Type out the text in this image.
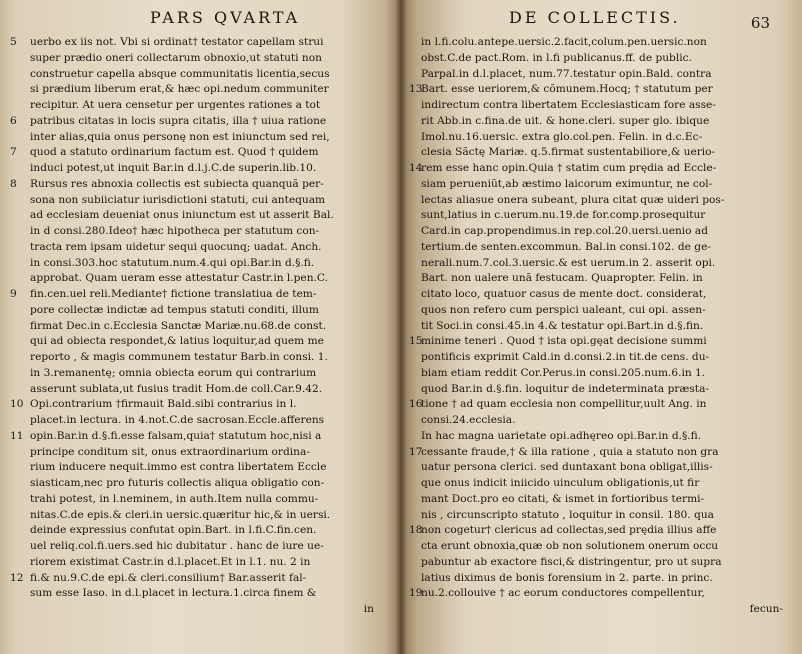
PARS QVARTA
5 uerbo ex iis not. Vbi si ordinat† testator capellam strui
super prædio oneri collectarum obnoxio,ut statuti non
construetur capella absque communitatis licentia,secus
si prædium liberum erat,& hæc opi.nedum communiter
recipitur. At uera censetur per urgentes rationes a tot
6 patribus citatas in locis supra citatis, illa † uiua ratione
inter alias,quia onus personę non est iniunctum sed rei,
7 quod a statuto ordinarium factum est. Quod † quidem
induci potest,ut inquit Bar.in d.l.j.C.de superin.lib.10.
8 Rursus res abnoxia collectis est subiecta quanquã per-
sona non subiiciatur iurisdictioni statuti, cui antequam
ad ecclesiam deueniat onus iniunctum est ut asserit Bal.
in d consi.280.Ideo† hæc hipotheca per statutum con-
tracta rem ipsam uidetur sequi quocunq; uadat. Anch.
in consi.303.hoc statutum.num.4.qui opi.Bar.in d.§.fi.
approbat. Quam ueram esse attestatur Castr.in l.pen.C.
9 fin.cen.uel reli.Mediante† fictione translatiua de tem-
pore collectæ indictæ ad tempus statuti conditi, illum
firmat Dec.in c.Ecclesia Sanctæ Mariæ.nu.68.de const.
qui ad obiecta respondet,& latius loquitur,ad quem me
reporto , & magis communem testatur Barb.in consi. 1.
in 3.remanentę; omnia obiecta eorum qui contrarium
asserunt sublata,ut fusius tradit Hom.de coll.Car.9.42.
10 Opi.contrarium †firmauit Bald.sibi contrarius in l.
placet.in lectura. in 4.not.C.de sacrosan.Eccle.afferens
11 opin.Bar.in d.§.fi.esse falsam,quia† statutum hoc,nisi a
principe conditum sit, onus extraordinarium ordina-
rium inducere nequit.immo est contra libertatem Eccle
siasticam,nec pro futuris collectis aliqua obligatio con-
trahi potest, in l.neminem, in auth.Item nulla commu-
nitas.C.de epis.& cleri.in uersic.quæritur hic,& in uersi.
deinde expressius confutat opin.Bart. in l.fi.C.fin.cen.
uel reliq.col.fi.uers.sed hic dubitatur . hanc de iure ue-
riorem existimat Castr.in d.l.placet.Et in l.1. nu. 2 in
12 fi.& nu.9.C.de epi.& cleri.consilium† Bar.asserit fal-
sum esse Iaso. in d.l.placet in lectura.1.circa finem &
in
DE COLLECTIS.	63
in l.fi.colu.antepe.uersic.2.facit,colum.pen.uersic.non
obst.C.de pact.Rom. in l.fi publicanus.ff. de public.
Parpal.in d.l.placet, num.77.testatur opin.Bald. contra
13
Bart. esse ueriorem,& cõmunem.Hocq; † statutum per
indirectum contra libertatem Ecclesiasticam fore asse-
rit Abb.in c.fina.de uit. & hone.cleri. super glo. ibique
Imol.nu.16.uersic. extra glo.col.pen. Felin. in d.c.Ec-
clesia Sãctę Mariæ. q.5.firmat sustentabiliore,& uerio-
14
rem esse hanc opin.Quia † statim cum prędia ad Eccle-
siam perueniũt,ab æstimo laicorum eximuntur, ne col-
lectas aliasue onera subeant, plura citat quæ uideri pos-
sunt,latius in c.uerum.nu.19.de for.comp.prosequitur
Card.in cap.propendimus.in rep.col.20.uersi.uenio ad
tertium.de senten.excommun. Bal.in consi.102. de ge-
nerali.num.7.col.3.uersic.& est uerum.in 2. asserit opi.
Bart. non ualere unã festucam. Quapropter. Felin. in
citato loco, quatuor casus de mente doct. considerat,
quos non refero cum perspici ualeant, cui opi. assen-
tit Soci.in consi.45.in 4.& testatur opi.Bart.in d.§.fin.
15
minime teneri . Quod † ista opi.gęat decisione summi
pontificis exprimit Cald.in d.consi.2.in tit.de cens. du-
biam etiam reddit Cor.Perus.in consi.205.num.6.in 1.
quod Bar.in d.§.fin. loquitur de indeterminata præsta-
16
tione † ad quam ecclesia non compellitur,uult Ang. in
consi.24.ecclesia.
In hac magna uarietate opi.adhęreo opi.Bar.in d.§.fi.
17
cessante fraude,† & illa ratione , quia a statuto non gra
uatur persona clerici. sed duntaxant bona obligat,illis-
que onus indicit iniicido uinculum obligationis,ut fir
mant Doct.pro eo citati, & ismet in fortioribus termi-
nis , circunscripto statuto , loquitur in consil. 180. qua
18
non cogetur† clericus ad collectas,sed prędia illius affe
cta erunt obnoxia,quæ ob non solutionem onerum occu
pabuntur ab exactore fisci,& distringentur, pro ut supra
latius diximus de bonis forensium in 2. parte. in princ.
19
nu.2.collouive † ac eorum conductores compellentur,
fecun-
